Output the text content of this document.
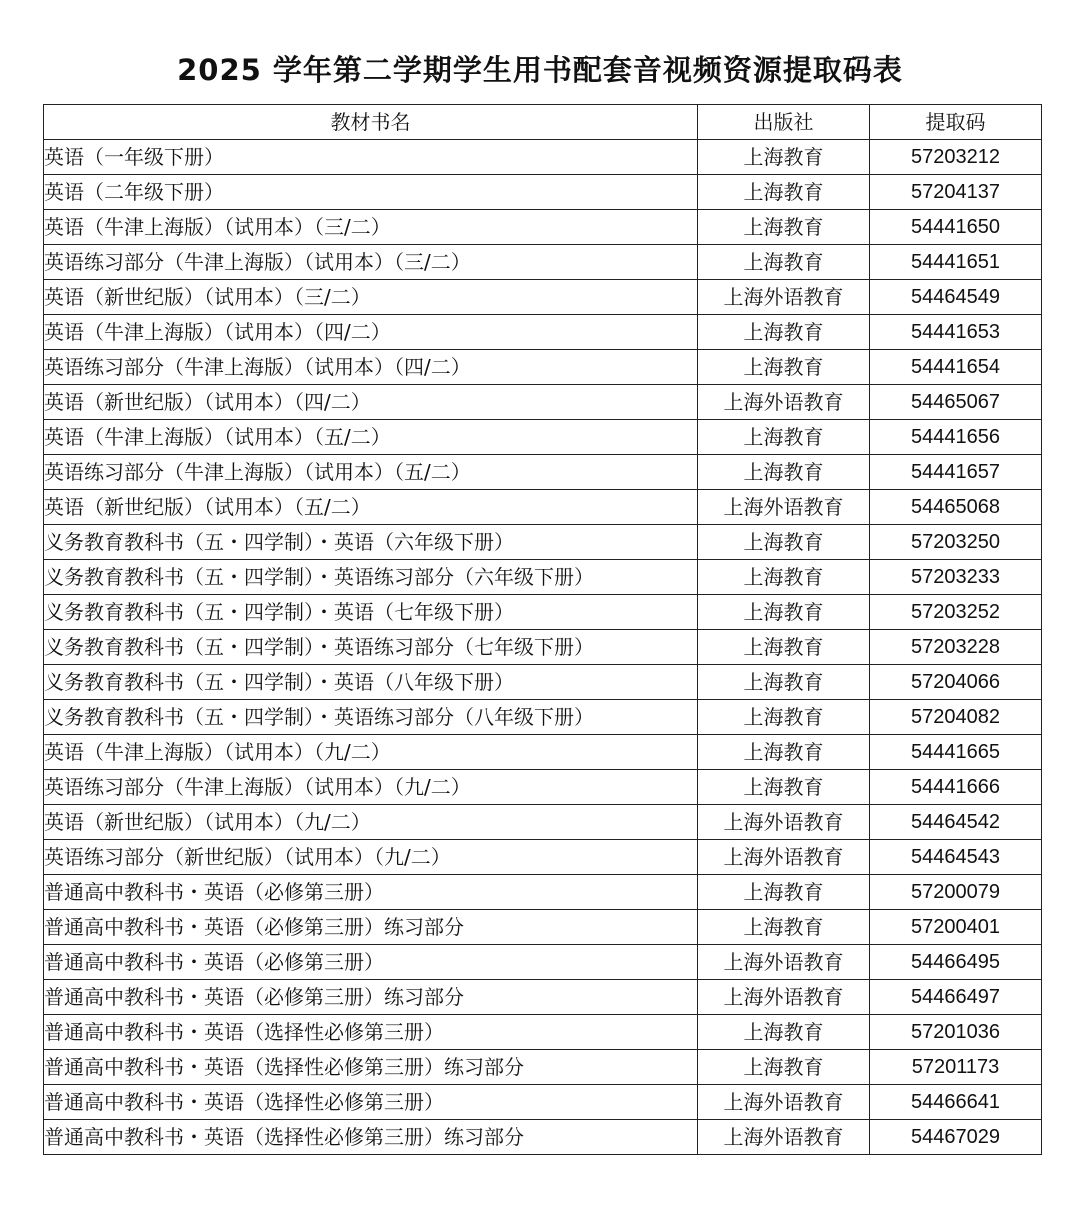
2025 学年第二学期学生用书配套音视频资源提取码表
教材书名	出版社	提取码
英语（一年级下册）	上海教育	57203212
英语（二年级下册）	上海教育	57204137
英语（牛津上海版）（试用本）（三/二）	上海教育	54441650
英语练习部分（牛津上海版）（试用本）（三/二）	上海教育	54441651
英语（新世纪版）（试用本）（三/二）	上海外语教育	54464549
英语（牛津上海版）（试用本）（四/二）	上海教育	54441653
英语练习部分（牛津上海版）（试用本）（四/二）	上海教育	54441654
英语（新世纪版）（试用本）（四/二）	上海外语教育	54465067
英语（牛津上海版）（试用本）（五/二）	上海教育	54441656
英语练习部分（牛津上海版）（试用本）（五/二）	上海教育	54441657
英语（新世纪版）（试用本）（五/二）	上海外语教育	54465068
义务教育教科书（五・四学制）・英语（六年级下册）	上海教育	57203250
义务教育教科书（五・四学制）・英语练习部分（六年级下册）	上海教育	57203233
义务教育教科书（五・四学制）・英语（七年级下册）	上海教育	57203252
义务教育教科书（五・四学制）・英语练习部分（七年级下册）	上海教育	57203228
义务教育教科书（五・四学制）・英语（八年级下册）	上海教育	57204066
义务教育教科书（五・四学制）・英语练习部分（八年级下册）	上海教育	57204082
英语（牛津上海版）（试用本）（九/二）	上海教育	54441665
英语练习部分（牛津上海版）（试用本）（九/二）	上海教育	54441666
英语（新世纪版）（试用本）（九/二）	上海外语教育	54464542
英语练习部分（新世纪版）（试用本）（九/二）	上海外语教育	54464543
普通高中教科书・英语（必修第三册）	上海教育	57200079
普通高中教科书・英语（必修第三册）练习部分	上海教育	57200401
普通高中教科书・英语（必修第三册）	上海外语教育	54466495
普通高中教科书・英语（必修第三册）练习部分	上海外语教育	54466497
普通高中教科书・英语（选择性必修第三册）	上海教育	57201036
普通高中教科书・英语（选择性必修第三册）练习部分	上海教育	57201173
普通高中教科书・英语（选择性必修第三册）	上海外语教育	54466641
普通高中教科书・英语（选择性必修第三册）练习部分	上海外语教育	54467029
